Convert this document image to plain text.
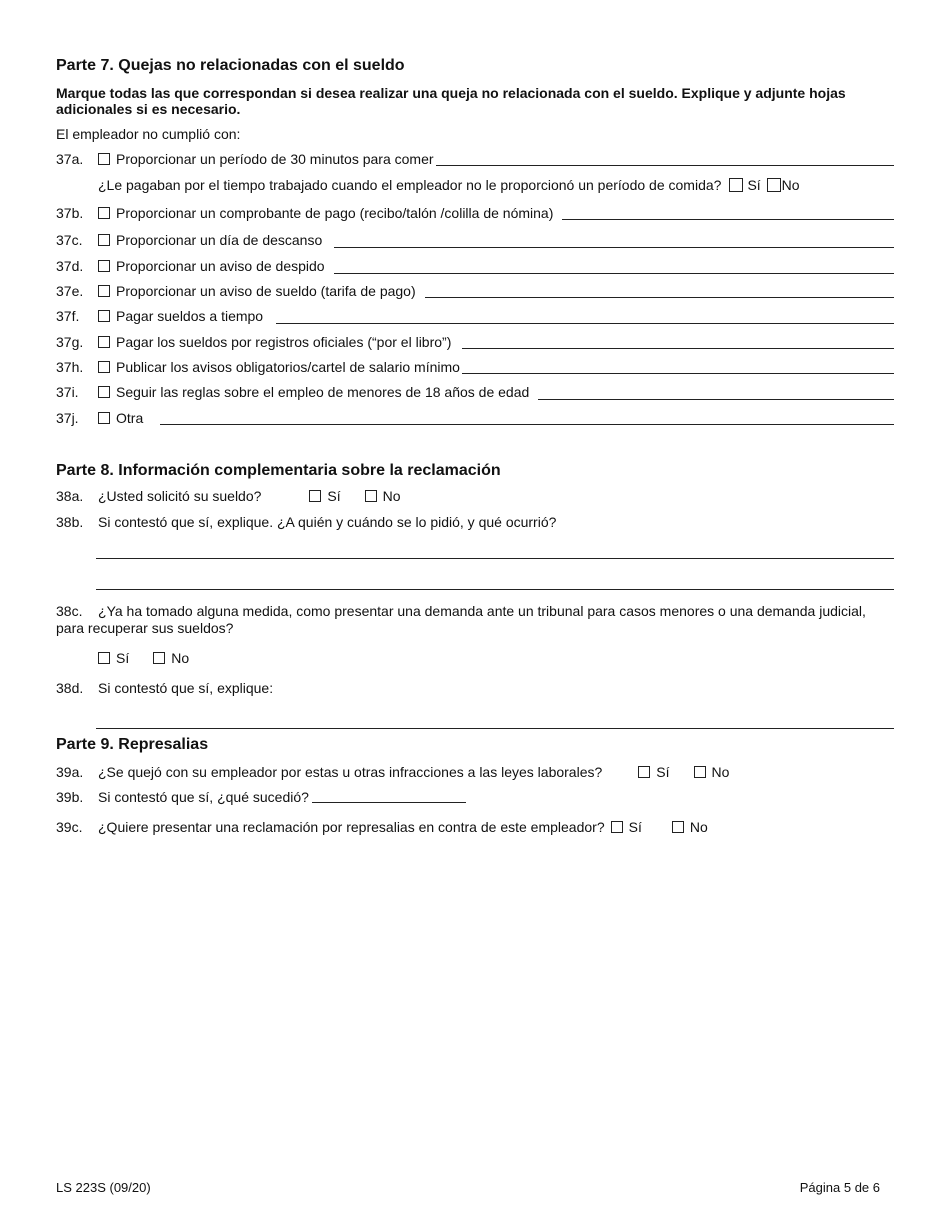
Parte 7. Quejas no relacionadas con el sueldo
Marque todas las que correspondan si desea realizar una queja no relacionada con el sueldo. Explique y adjunte hojas adicionales si es necesario.
El empleador no cumplió con:
37a. Proporcionar un período de 30 minutos para comer
¿Le pagaban por el tiempo trabajado cuando el empleador no le proporcionó un período de comida? Sí No
37b. Proporcionar un comprobante de pago (recibo/talón /colilla de nómina)
37c. Proporcionar un día de descanso
37d. Proporcionar un aviso de despido
37e. Proporcionar un aviso de sueldo (tarifa de pago)
37f.	Pagar sueldos a tiempo
37g. Pagar los sueldos por registros oficiales (“por el libro”)
37h. Publicar los avisos obligatorios/cartel de salario mínimo
37i.	Seguir las reglas sobre el empleo de menores de 18 años de edad
37j.	Otra
Parte 8. Información complementaria sobre la reclamación
38a. ¿Usted solicitó su sueldo?	Sí	No
38b. Si contestó que sí, explique. ¿A quién y cuándo se lo pidió, y qué ocurrió?
38c. ¿Ya ha tomado alguna medida, como presentar una demanda ante un tribunal para casos menores o una demanda judicial, para recuperar sus sueldos?
Sí	No
38d. Si contestó que sí, explique:
Parte 9. Represalias
39a. ¿Se quejó con su empleador por estas u otras infracciones a las leyes laborales?	Sí	No
39b. Si contestó que sí, ¿qué sucedió?
39c. ¿Quiere presentar una reclamación por represalias en contra de este empleador? Sí	No
LS 223S (09/20)	Página 5 de 6
